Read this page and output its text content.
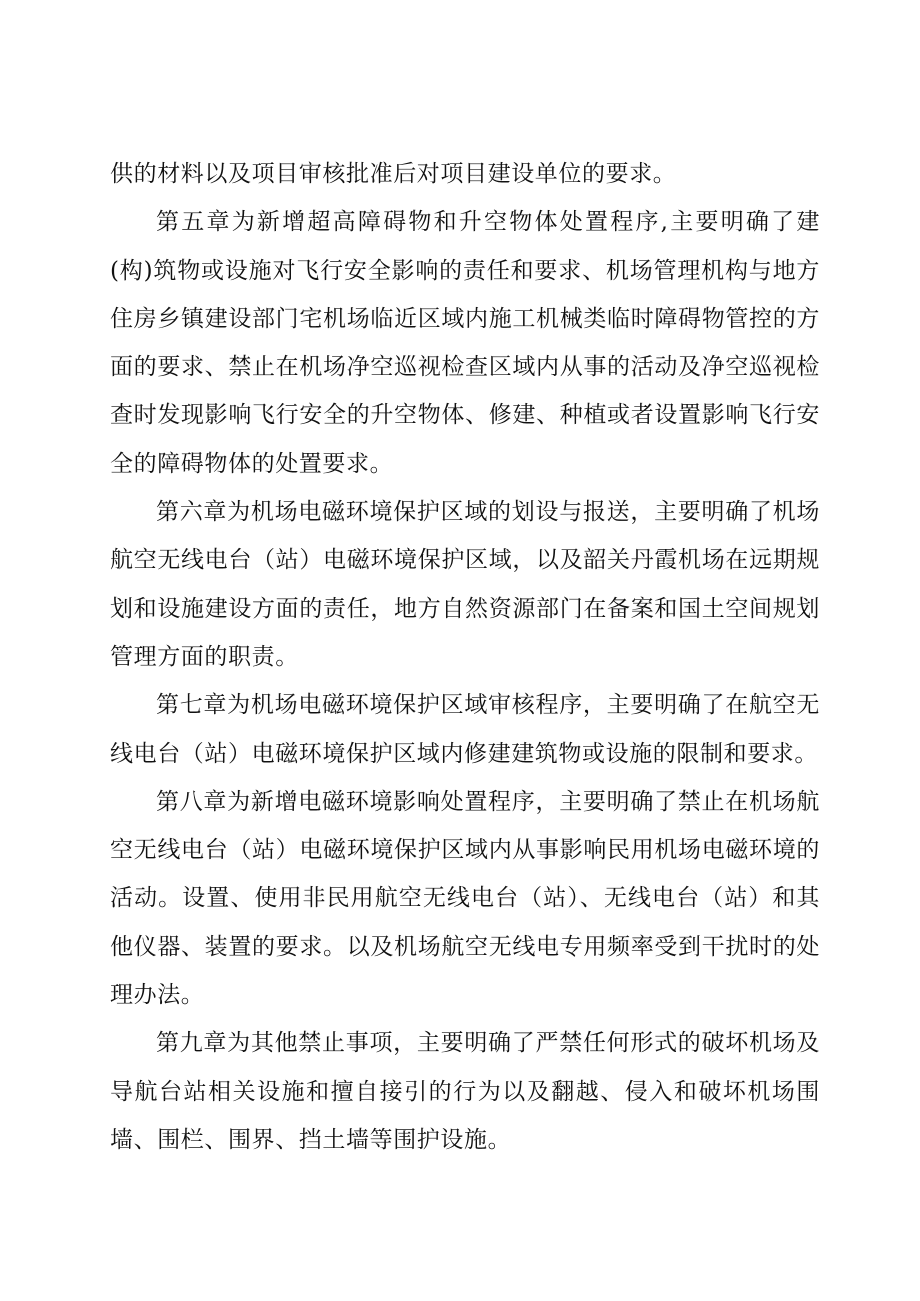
供的材料以及项目审核批准后对项目建设单位的要求。

第五章为新增超高障碍物和升空物体处置程序,主要明确了建(构)筑物或设施对飞行安全影响的责任和要求、机场管理机构与地方住房乡镇建设部门宅机场临近区域内施工机械类临时障碍物管控的方面的要求、禁止在机场净空巡视检查区域内从事的活动及净空巡视检查时发现影响飞行安全的升空物体、修建、种植或者设置影响飞行安全的障碍物体的处置要求。

第六章为机场电磁环境保护区域的划设与报送，主要明确了机场航空无线电台（站）电磁环境保护区域，以及韶关丹霞机场在远期规划和设施建设方面的责任，地方自然资源部门在备案和国土空间规划管理方面的职责。

第七章为机场电磁环境保护区域审核程序，主要明确了在航空无线电台（站）电磁环境保护区域内修建建筑物或设施的限制和要求。

第八章为新增电磁环境影响处置程序，主要明确了禁止在机场航空无线电台（站）电磁环境保护区域内从事影响民用机场电磁环境的活动。设置、使用非民用航空无线电台（站）、无线电台（站）和其他仪器、装置的要求。以及机场航空无线电专用频率受到干扰时的处理办法。

第九章为其他禁止事项，主要明确了严禁任何形式的破坏机场及导航台站相关设施和擅自接引的行为以及翻越、侵入和破坏机场围墙、围栏、围界、挡土墙等围护设施。
